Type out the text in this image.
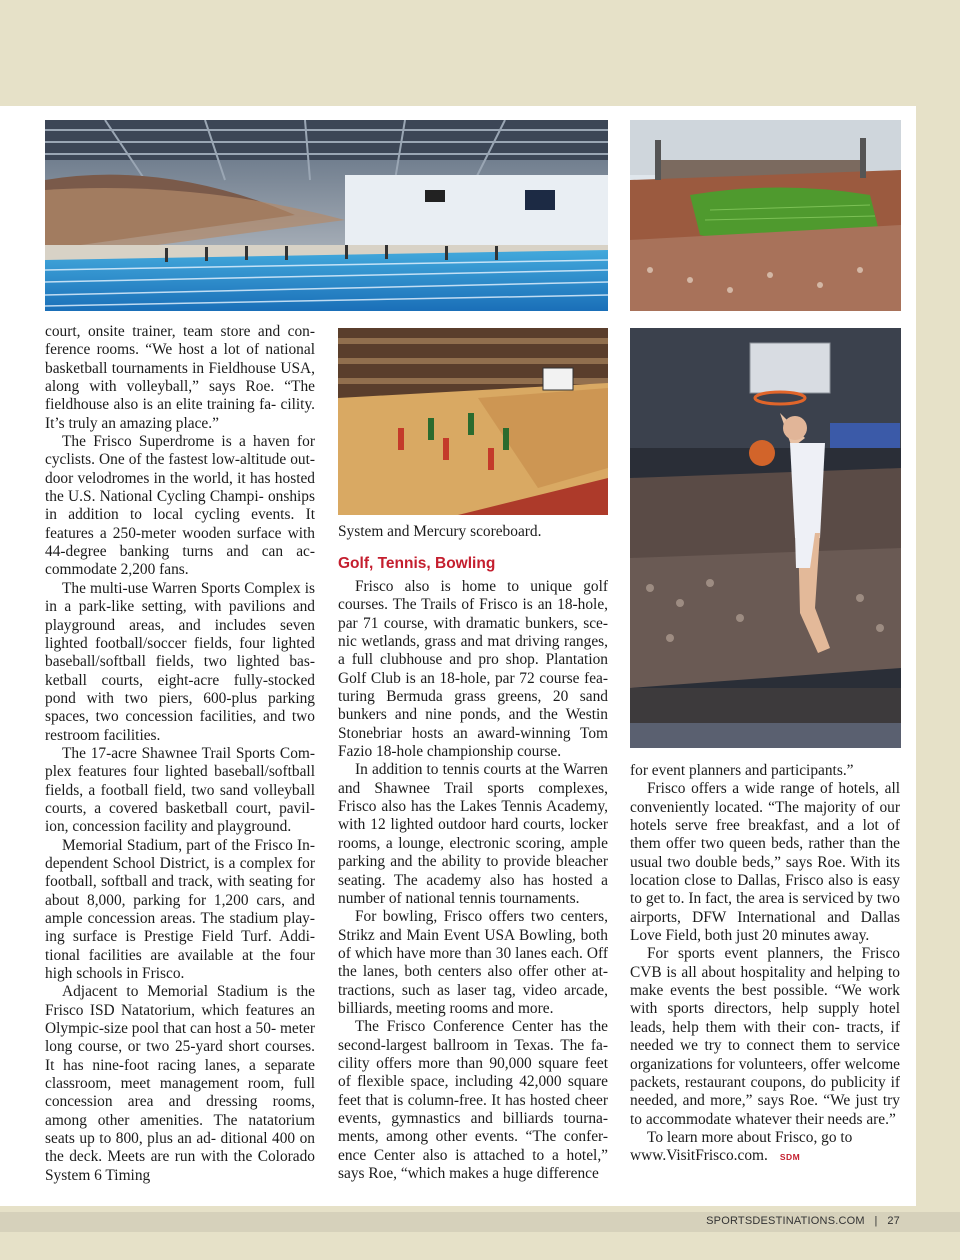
court, onsite trainer, team store and con- ference rooms. “We host a lot of national basketball tournaments in Fieldhouse USA, along with volleyball,” says Roe. “The fieldhouse also is an elite training fa- cility. It’s truly an amazing place.”

The Frisco Superdrome is a haven for cyclists. One of the fastest low-altitude out- door velodromes in the world, it has hosted the U.S. National Cycling Champi- onships in addition to local cycling events. It features a 250-meter wooden surface with 44-degree banking turns and can ac- commodate 2,200 fans.

The multi-use Warren Sports Complex is in a park-like setting, with pavilions and playground areas, and includes seven lighted football/soccer fields, four lighted baseball/softball fields, two lighted bas- ketball courts, eight-acre fully-stocked pond with two piers, 600-plus parking spaces, two concession facilities, and two restroom facilities.

The 17-acre Shawnee Trail Sports Com- plex features four lighted baseball/softball fields, a football field, two sand volleyball courts, a covered basketball court, pavil- ion, concession facility and playground.

Memorial Stadium, part of the Frisco In- dependent School District, is a complex for football, softball and track, with seating for about 8,000, parking for 1,200 cars, and ample concession areas. The stadium play- ing surface is Prestige Field Turf. Addi- tional facilities are available at the four high schools in Frisco.

Adjacent to Memorial Stadium is the Frisco ISD Natatorium, which features an Olympic-size pool that can host a 50- meter long course, or two 25-yard short courses. It has nine-foot racing lanes, a separate classroom, meet management room, full concession area and dressing rooms, among other amenities. The natatorium seats up to 800, plus an ad- ditional 400 on the deck. Meets are run with the Colorado System 6 Timing

System and Mercury scoreboard.
Golf, Tennis, Bowling

Frisco also is home to unique golf courses. The Trails of Frisco is an 18-hole, par 71 course, with dramatic bunkers, sce- nic wetlands, grass and mat driving ranges, a full clubhouse and pro shop. Plantation Golf Club is an 18-hole, par 72 course fea- turing Bermuda grass greens, 20 sand bunkers and nine ponds, and the Westin Stonebriar hosts an award-winning Tom Fazio 18-hole championship course.

In addition to tennis courts at the Warren and Shawnee Trail sports complexes, Frisco also has the Lakes Tennis Academy, with 12 lighted outdoor hard courts, locker rooms, a lounge, electronic scoring, ample parking and the ability to provide bleacher seating. The academy also has hosted a number of national tennis tournaments.

For bowling, Frisco offers two centers, Strikz and Main Event USA Bowling, both of which have more than 30 lanes each. Off the lanes, both centers also offer other at- tractions, such as laser tag, video arcade, billiards, meeting rooms and more.

The Frisco Conference Center has the second-largest ballroom in Texas. The fa- cility offers more than 90,000 square feet of flexible space, including 42,000 square feet that is column-free. It has hosted cheer events, gymnastics and billiards tourna- ments, among other events. “The confer- ence Center also is attached to a hotel,” says Roe, “which makes a huge difference

for event planners and participants.”

Frisco offers a wide range of hotels, all conveniently located. “The majority of our hotels serve free breakfast, and a lot of them offer two queen beds, rather than the usual two double beds,” says Roe. With its location close to Dallas, Frisco also is easy to get to. In fact, the area is serviced by two airports, DFW International and Dallas Love Field, both just 20 minutes away.

For sports event planners, the Frisco CVB is all about hospitality and helping to make events the best possible. “We work with sports directors, help supply hotel leads, help them with their con- tracts, if needed we try to connect them to service organizations for volunteers, offer welcome packets, restaurant coupons, do publicity if needed, and more,” says Roe. “We just try to accommodate whatever their needs are.”

To learn more about Frisco, go to www.VisitFrisco.com. SDM

SPORTSDESTINATIONS.COM   |   27
